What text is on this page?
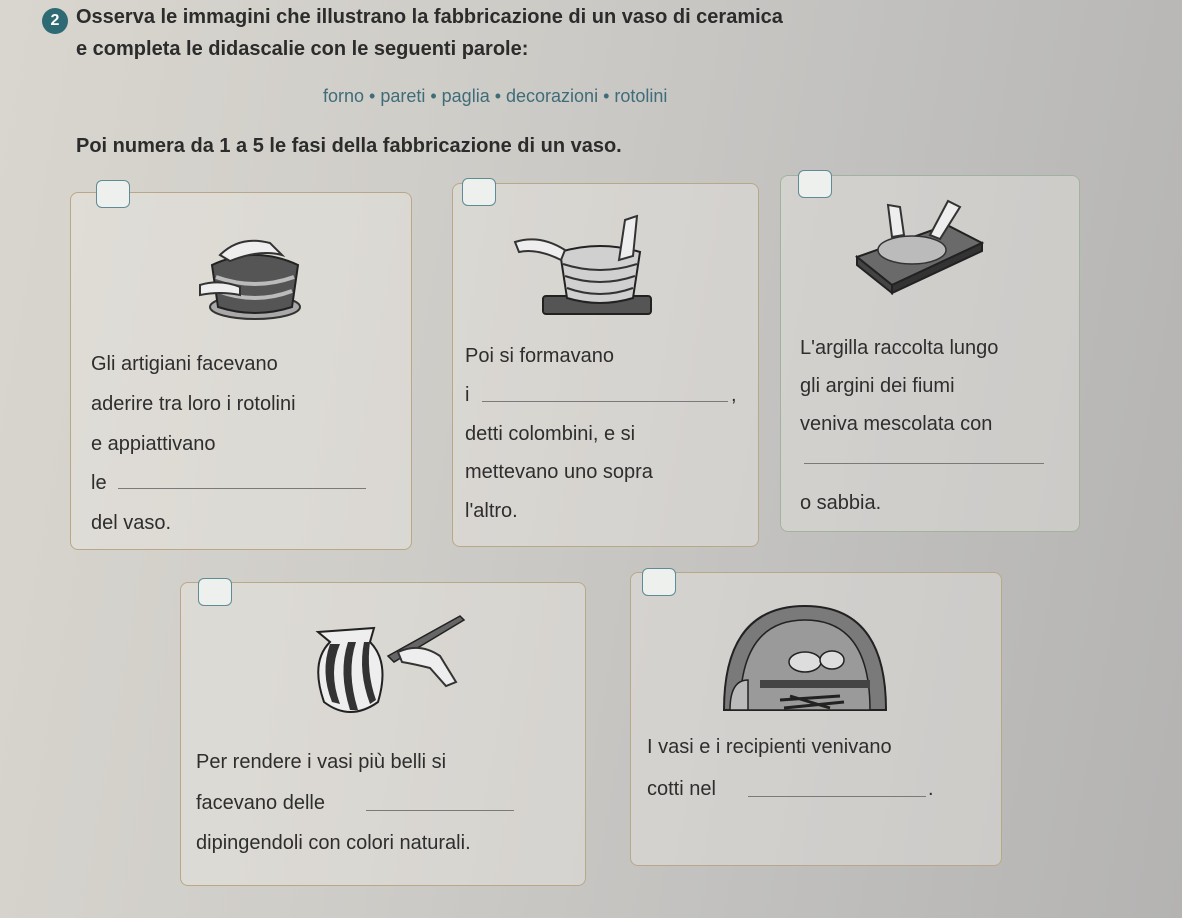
2 Osserva le immagini che illustrano la fabbricazione di un vaso di ceramica
e completa le didascalie con le seguenti parole:
forno • pareti • paglia • decorazioni • rotolini
Poi numera da 1 a 5 le fasi della fabbricazione di un vaso.
Gli artigiani facevano
aderire tra loro i rotolini
e appiattivano
le
del vaso.
Poi si formavano
i	,
detti colombini, e si
mettevano uno sopra
l'altro.
L'argilla raccolta lungo
gli argini dei fiumi
veniva mescolata con
o sabbia.
Per rendere i vasi più belli si
facevano delle
dipingendoli con colori naturali.
I vasi e i recipienti venivano
cotti nel	.
